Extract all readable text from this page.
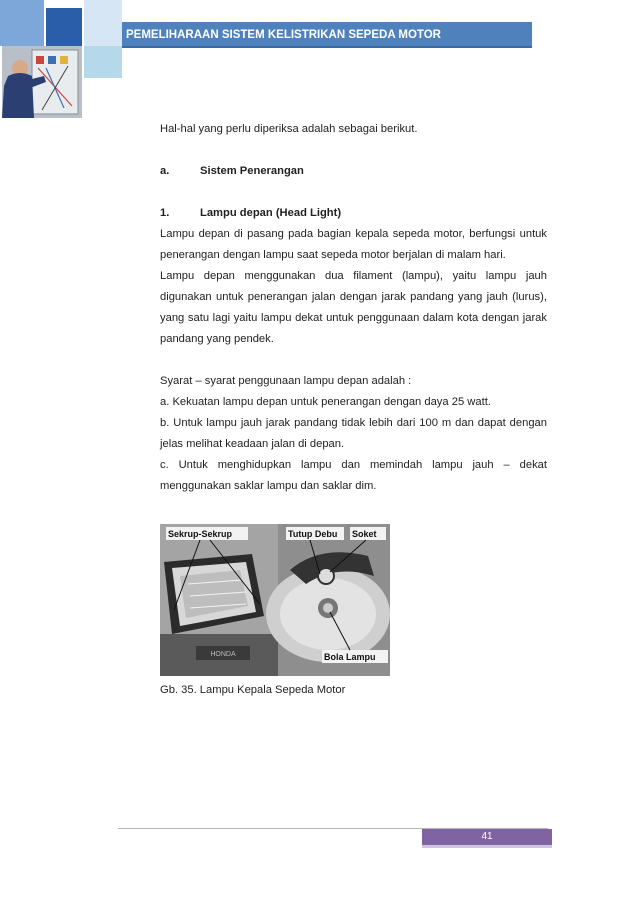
PEMELIHARAAN SISTEM KELISTRIKAN SEPEDA MOTOR

Hal-hal yang perlu diperiksa adalah sebagai berikut.

a.	Sistem Penerangan
1.	Lampu depan (Head Light)

Lampu depan di pasang pada bagian kepala sepeda motor, berfungsi untuk penerangan dengan lampu saat sepeda motor berjalan di malam hari.

Lampu depan menggunakan dua filament (lampu), yaitu lampu jauh digunakan untuk penerangan jalan dengan jarak pandang yang jauh (lurus), yang satu lagi yaitu lampu dekat untuk penggunaan dalam kota dengan jarak pandang yang pendek.

Syarat – syarat penggunaan lampu depan adalah :

a. Kekuatan lampu depan untuk penerangan dengan daya 25 watt.

b. Untuk lampu jauh jarak pandang tidak lebih dari 100 m dan dapat dengan jelas melihat keadaan jalan di depan.

c. Untuk menghidupkan lampu dan memindah lampu jauh – dekat menggunakan saklar lampu dan saklar dim.

HONDA
Sekrup-Sekrup	Tutup Debu Soket
Bola Lampu
Gb. 35. Lampu Kepala Sepeda Motor
41
